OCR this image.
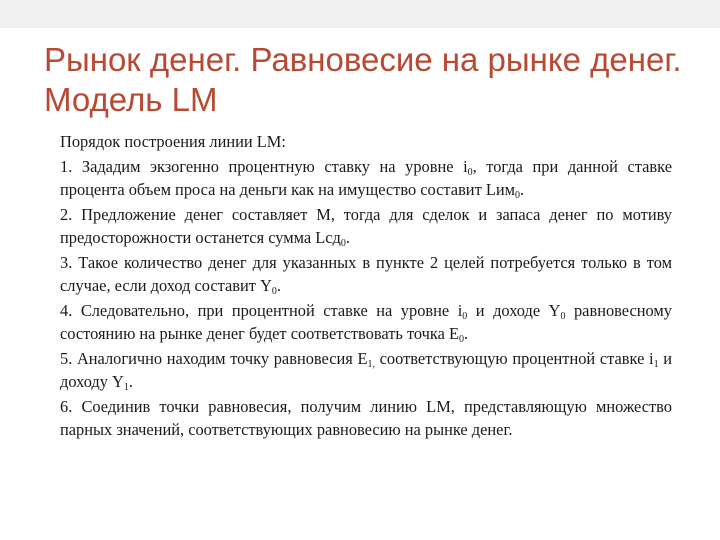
Рынок денег. Равновесие на рынке денег. Модель LM

Порядок построения линии LM:

1. Зададим экзогенно процентную ставку на уровне $i_0$, тогда при данной ставке процента объем проса на деньги как на имущество составит Lим$_0$.

2. Предложение денег составляет М, тогда для сделок и запаса денег по мотиву предосторожности останется сумма Lсд$_0$.

3. Такое количество денег для указанных в пункте 2 целей потребуется только в том случае, если доход составит $Y_0$.

4. Следовательно, при процентной ставке на уровне $i_0$ и доходе $Y_0$ равновесному состоянию на рынке денег будет соответствовать точка $E_0$.

5. Аналогично находим точку равновесия $E_{1,}$ соответствующую процентной ставке $i_1$ и доходу $Y_1$.

6. Соединив точки равновесия, получим линию LM, представляющую множество парных значений, соответствующих равновесию на рынке денег.
